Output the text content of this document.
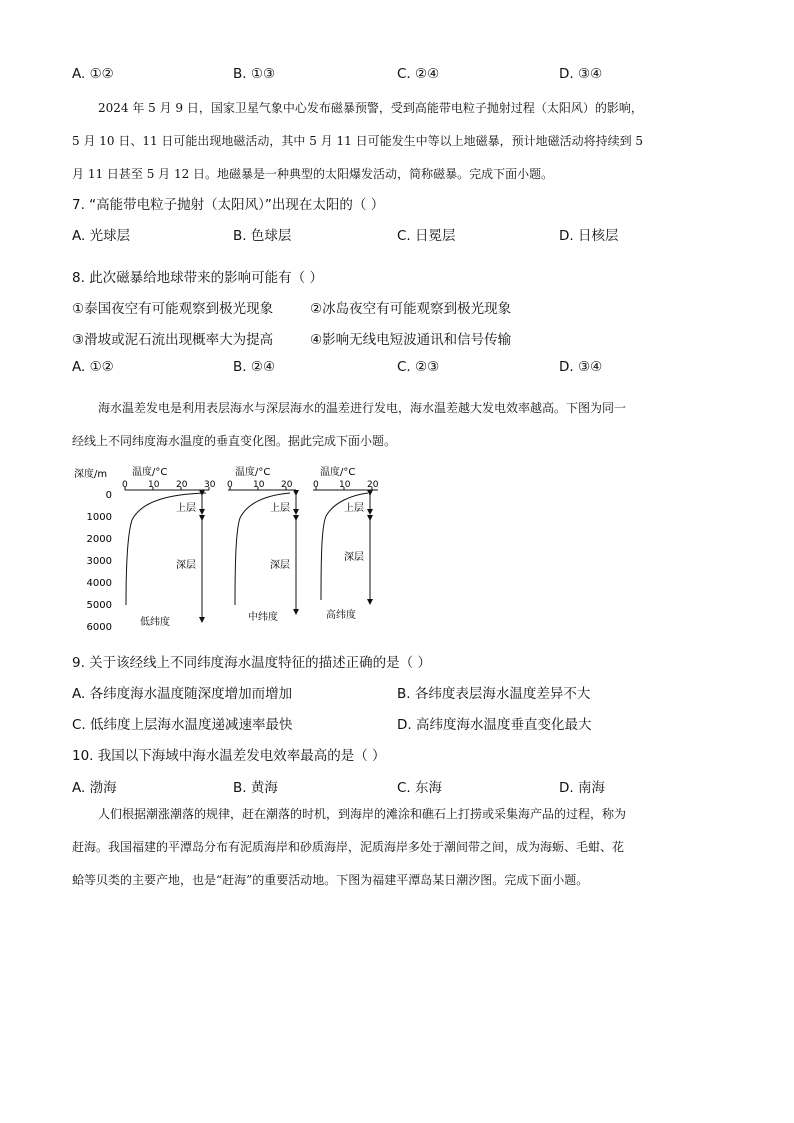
A. ①②	B. ①③	C. ②④	D. ③④
2024 年 5 月 9 日，国家卫星气象中心发布磁暴预警，受到高能带电粒子抛射过程（太阳风）的影响，
5 月 10 日、11 日可能出现地磁活动，其中 5 月 11 日可能发生中等以上地磁暴，预计地磁活动将持续到 5
月 11 日甚至 5 月 12 日。地磁暴是一种典型的太阳爆发活动，简称磁暴。完成下面小题。
7. “高能带电粒子抛射（太阳风）”出现在太阳的（ ）
A. 光球层	B. 色球层	C. 日冕层	D. 日核层
8. 此次磁暴给地球带来的影响可能有（ ）
①泰国夜空有可能观察到极光现象	②冰岛夜空有可能观察到极光现象
③滑坡或泥石流出现概率大为提高	④影响无线电短波通讯和信号传输
A. ①②	B. ②④	C. ②③	D. ③④
海水温差发电是利用表层海水与深层海水的温差进行发电，海水温差越大发电效率越高。下图为同一
经线上不同纬度海水温度的垂直变化图。据此完成下面小题。
深度/m
0
1000
2000
3000
4000
5000
6000
温度/°C
0 10 20 30
上层
深层
低纬度
温度/°C
0 10 20
上层
深层
中纬度
温度/°C
0 10 20
上层
深层
高纬度
9. 关于该经线上不同纬度海水温度特征的描述正确的是（ ）
A. 各纬度海水温度随深度增加而增加	B. 各纬度表层海水温度差异不大
C. 低纬度上层海水温度递减速率最快	D. 高纬度海水温度垂直变化最大
10. 我国以下海域中海水温差发电效率最高的是（ ）
A. 渤海	B. 黄海	C. 东海	D. 南海
人们根据潮涨潮落的规律，赶在潮落的时机，到海岸的滩涂和礁石上打捞或采集海产品的过程，称为
赶海。我国福建的平潭岛分布有泥质海岸和砂质海岸，泥质海岸多处于潮间带之间，成为海蛎、毛蚶、花
蛤等贝类的主要产地，也是“赶海”的重要活动地。下图为福建平潭岛某日潮汐图。完成下面小题。
